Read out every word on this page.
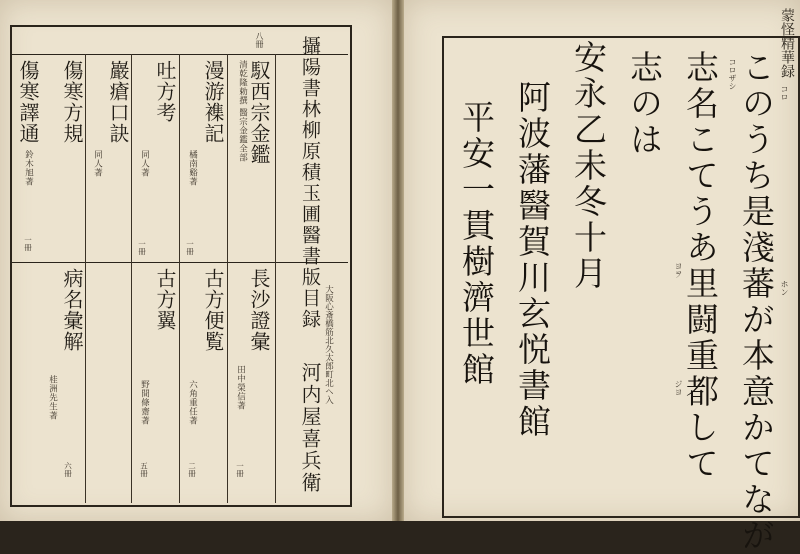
八冊 攝陽書林柳原積玉圃醫書版目録
大阪心斎橋筋北久太郎町北へ入
河内屋喜兵衛
馭西宗金鑑
清乾隆勅撰 醫宗金鑑全部
漫游襍記
橘南谿著
一冊
吐方考
同人著
一冊
巖瘡口訣
同人著
傷寒方規
傷寒譯通
鈴木旭著
一冊
長沙證彙
田中榮信著
一冊
古方便覧
六角重任著
二冊
古方翼
野間條齋著
五冊
病名彙解
桂洲先生著
六冊
蒙怪精華録
このうち是淺蕃が本意かてなが
志名こてうあ里闘重都して
志のは
安永乙未冬十月
阿波藩醫賀川玄悦書館
平安一貫樹濟世館
コロザシ
ヨヲ
ジヨ
ホン
コロ
